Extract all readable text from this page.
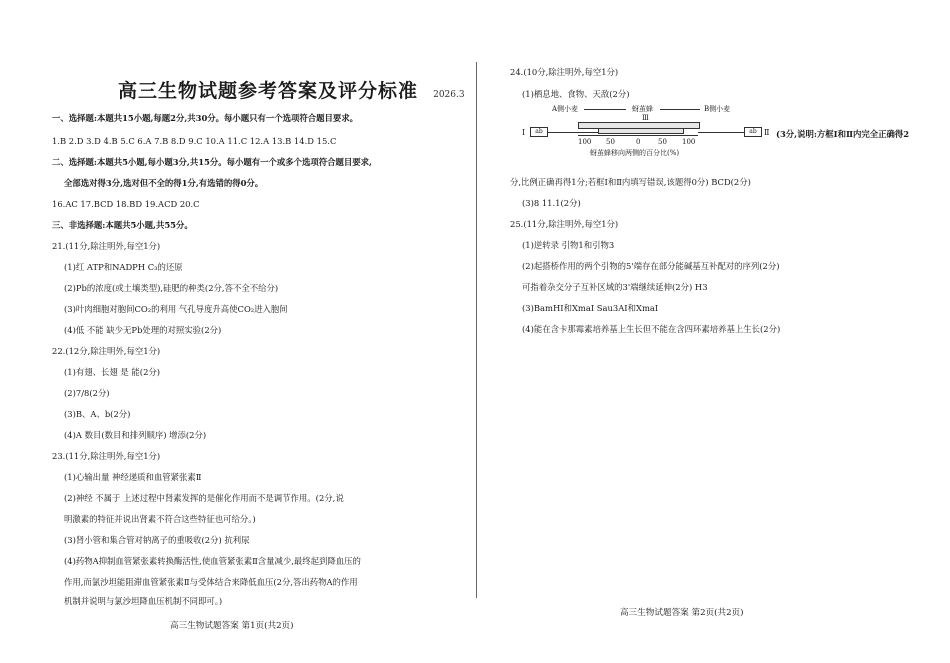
高三生物试题参考答案及评分标准 2026.3
一、选择题:本题共15小题,每题2分,共30分。每小题只有一个选项符合题目要求。
1.B 2.D 3.D 4.B 5.C 6.A 7.B 8.D 9.C 10.A 11.C 12.A 13.B 14.D 15.C
二、选择题:本题共5小题,每小题3分,共15分。每小题有一个或多个选项符合题目要求,
全部选对得3分,选对但不全的得1分,有选错的得0分。
16.AC 17.BCD 18.BD 19.ACD 20.C
三、非选择题:本题共5小题,共55分。
21.(11分,除注明外,每空1分)
(1)红 ATP和NADPH C₃的还原
(2)Pb的浓度(或土壤类型),硅肥的种类(2分,答不全不给分)
(3)叶肉细胞对胞间CO₂的利用 气孔导度升高使CO₂进入胞间
(4)低 不能 缺少无Pb处理的对照实验(2分)
22.(12分,除注明外,每空1分)
(1)有翅、长翅 是 能(2分)
(2)7/8(2分)
(3)B、A、b(2分)
(4)A 数目(数目和排列顺序) 增添(2分)
23.(11分,除注明外,每空1分)
(1)心输出量 神经递质和血管紧张素Ⅱ
(2)神经 不属于 上述过程中肾素发挥的是催化作用而不是调节作用。(2分,说
明激素的特征并说出肾素不符合这些特征也可给分。)
(3)肾小管和集合管对钠离子的重吸收(2分) 抗利尿
(4)药物A抑制血管紧张素转换酶活性,使血管紧张素Ⅱ含量减少,最终起到降血压的
作用,而氯沙坦能阻滞血管紧张素Ⅱ与受体结合来降低血压(2分,答出药物A的作用
机制并说明与氯沙坦降血压机制不同即可。)
高三生物试题答案 第1页(共2页)
24.(10分,除注明外,每空1分)
(1)栖息地、食物、天敌(2分)
A侧小麦	蚜茧蜂	B侧小麦
Ⅲ
Ⅰ	ab	ab Ⅱ
100 50	0	50 100
蚜茧蜂移向两侧的百分比(%)
(3分,说明:方框Ⅰ和Ⅱ内完全正确得2
分,比例正确再得1分;若框Ⅰ和Ⅱ内填写错误,该题得0分) BCD(2分)
(3)8 11.1(2分)
25.(11分,除注明外,每空1分)
(1)逆转录 引物1和引物3
(2)起搭桥作用的两个引物的5'端存在部分能碱基互补配对的序列(2分)
可指着杂交分子互补区域的3'端继续延伸(2分) H3
(3)BamHⅠ和XmaⅠ Sau3AⅠ和XmaⅠ
(4)能在含卡那霉素培养基上生长但不能在含四环素培养基上生长(2分)
高三生物试题答案 第2页(共2页)
